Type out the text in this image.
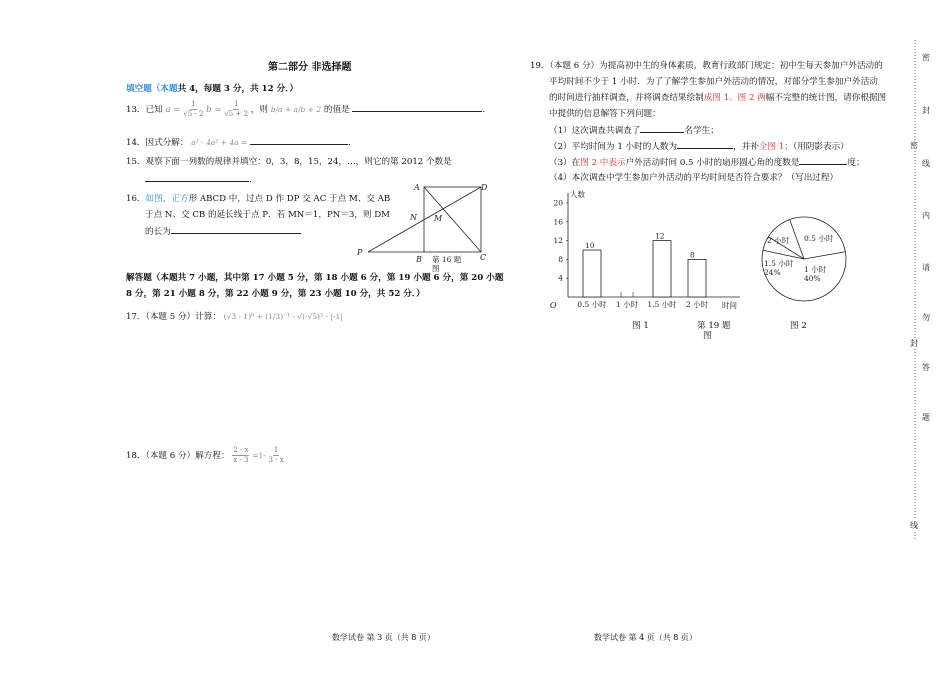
第二部分 非选择题
填空题（本题共 4，每题 3 分，共 12 分．）
13．已知 $a = \frac{1}{√5 - 2}$ $b = \frac{1}{√5 + 2}$ ，则 b/a + a/b + 2 的值是	．
14．因式分解： a³ - 4a² + 4a =	．
15．观察下面一列数的规律并填空：0，3，8，15，24，…，则它的第 2012 个数是
．
16．如图，正方形 ABCD 中，过点 D 作 DP 交 AC 于点 M、交 AB
于点 N、交 CB 的延长线于点 P．若 MN＝1，PN＝3，则 DM
的长为
A	D
N M
P
B	C
第 16 题
图
解答题（本题共 7 小题，其中第 17 小题 5 分，第 18 小题 6 分，第 19 小题 6 分，第 20 小题
8 分，第 21 小题 8 分，第 22 小题 9 分，第 23 小题 10 分，共 52 分．）
17．（本题 5 分）计算： (√3 - 1)⁰ + (1/3)⁻¹ - √(-√5)² - |-1|
18．（本题 6 分）解方程： $\frac{2 - x}{x - 3} =1- \frac{1}{3 - x}$
数学试卷 第 3 页（共 8 页）
19．（本题 6 分）为提高初中生的身体素质，教育行政部门规定：初中生每天参加户外活动的
平均时间不少于 1 小时．为了了解学生参加户外活动的情况，对部分学生参加户外活动
的时间进行抽样调查，并将调查结果绘制成图 1、图 2 两幅不完整的统计图，请你根据图
中提供的信息解答下列问题：
（1）这次调查共调查了	名学生；
（2）平均时间为 1 小时的人数为	，并补全图 1；（用阴影表示）
（3）在图 2 中表示户外活动时间 0.5 小时的扇形圆心角的度数是	度；
（4）本次调查中学生参加户外活动的平均时间是否符合要求？（写出过程）
人数
时间
O
4
8
12
16
20
0.5 小时
10
1 小时 1.5 小时
12
2 小时
8
图 1	第 19 题
图
0.5 小时
2 小时
1.5 小时
24%	1 小时
40%
图 2
数学试卷 第 4 页（共 8 页）
密
封
线
内
请
勿
答
题
密
封
线
